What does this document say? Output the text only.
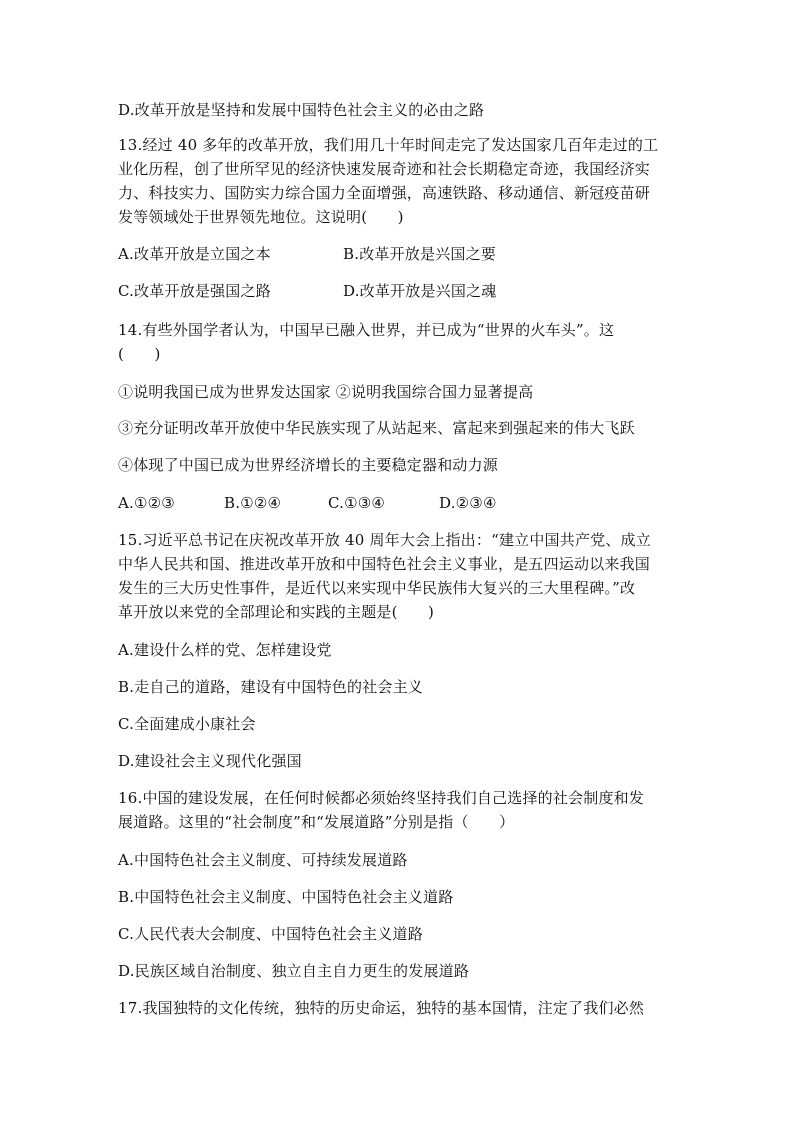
D.改革开放是坚持和发展中国特色社会主义的必由之路
13.经过 40 多年的改革开放，我们用几十年时间走完了发达国家几百年走过的工
业化历程，创了世所罕见的经济快速发展奇迹和社会长期稳定奇迹，我国经济实
力、科技实力、国防实力综合国力全面增强，高速铁路、移动通信、新冠疫苗研
发等领域处于世界领先地位。这说明(　　)
A.改革开放是立国之本	B.改革开放是兴国之要
C.改革开放是强国之路	D.改革开放是兴国之魂
14.有些外国学者认为，中国早已融入世界，并已成为“世界的火车头”。这
(　　)
①说明我国已成为世界发达国家 ②说明我国综合国力显著提高
③充分证明改革开放使中华民族实现了从站起来、富起来到强起来的伟大飞跃
④体现了中国已成为世界经济增长的主要稳定器和动力源
A.①②③	B.①②④	C.①③④	D.②③④
15.习近平总书记在庆祝改革开放 40 周年大会上指出：“建立中国共产党、成立
中华人民共和国、推进改革开放和中国特色社会主义事业，是五四运动以来我国
发生的三大历史性事件，是近代以来实现中华民族伟大复兴的三大里程碑。”改
革开放以来党的全部理论和实践的主题是(　　)
A.建设什么样的党、怎样建设党
B.走自己的道路，建设有中国特色的社会主义
C.全面建成小康社会
D.建设社会主义现代化强国
16.中国的建设发展，在任何时候都必须始终坚持我们自己选择的社会制度和发
展道路。这里的“社会制度”和“发展道路”分别是指（　　）
A.中国特色社会主义制度、可持续发展道路
B.中国特色社会主义制度、中国特色社会主义道路
C.人民代表大会制度、中国特色社会主义道路
D.民族区域自治制度、独立自主自力更生的发展道路
17.我国独特的文化传统，独特的历史命运，独特的基本国情，注定了我们必然
